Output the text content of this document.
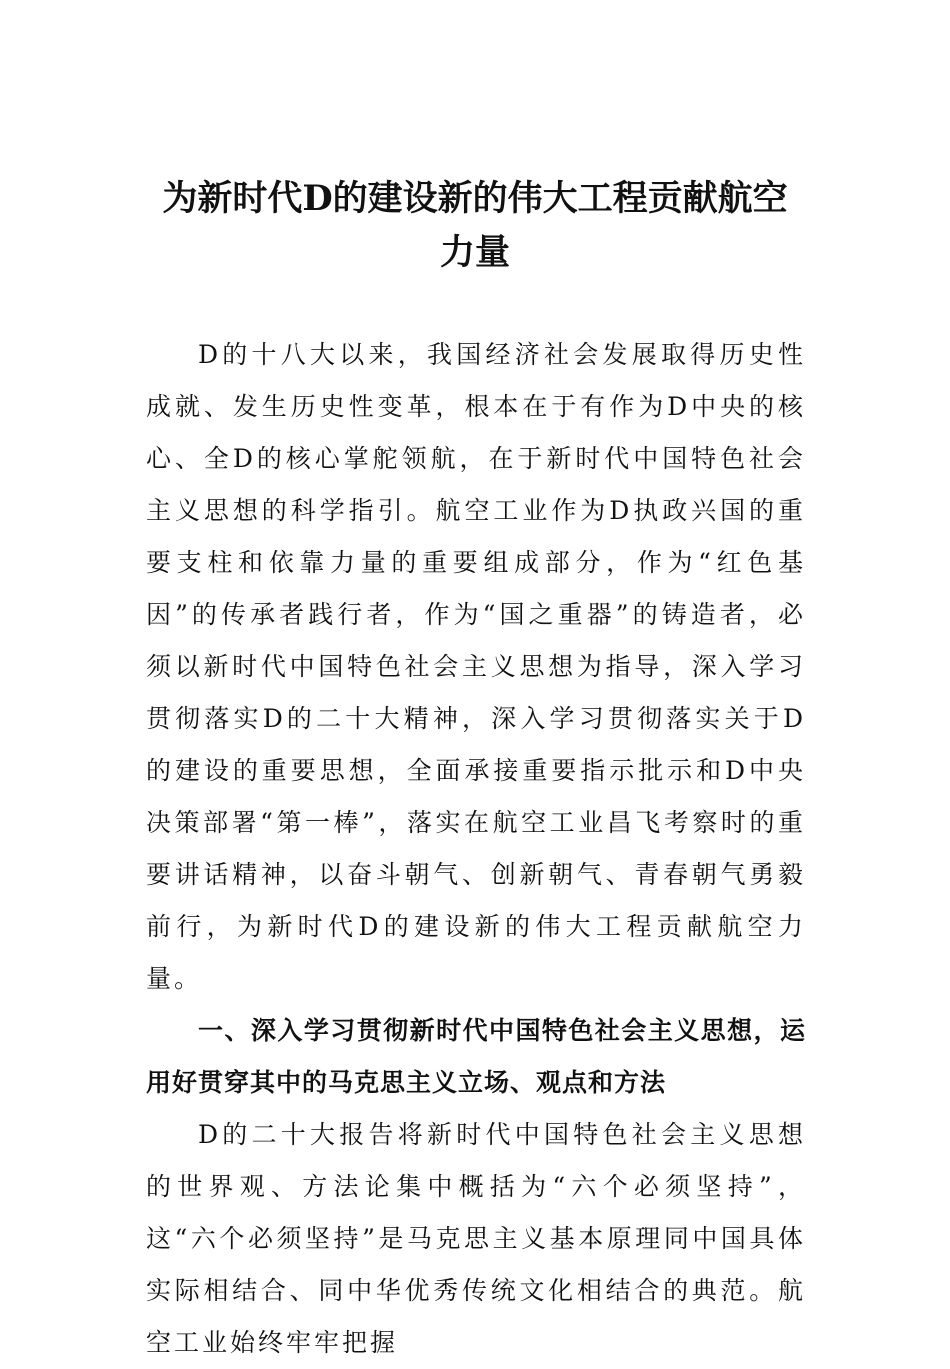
为新时代D的建设新的伟大工程贡献航空力量

D的十八大以来，我国经济社会发展取得历史性成就、发生历史性变革，根本在于有作为D中央的核心、全D的核心掌舵领航，在于新时代中国特色社会主义思想的科学指引。航空工业作为D执政兴国的重要支柱和依靠力量的重要组成部分，作为“红色基因”的传承者践行者，作为“国之重器”的铸造者，必须以新时代中国特色社会主义思想为指导，深入学习贯彻落实D的二十大精神，深入学习贯彻落实关于D的建设的重要思想，全面承接重要指示批示和D中央决策部署“第一棒”，落实在航空工业昌飞考察时的重要讲话精神，以奋斗朝气、创新朝气、青春朝气勇毅前行，为新时代D的建设新的伟大工程贡献航空力量。

一、深入学习贯彻新时代中国特色社会主义思想，运用好贯穿其中的马克思主义立场、观点和方法

D的二十大报告将新时代中国特色社会主义思想的世界观、方法论集中概括为“六个必须坚持”，这“六个必须坚持”是马克思主义基本原理同中国具体实际相结合、同中华优秀传统文化相结合的典范。航空工业始终牢牢把握
